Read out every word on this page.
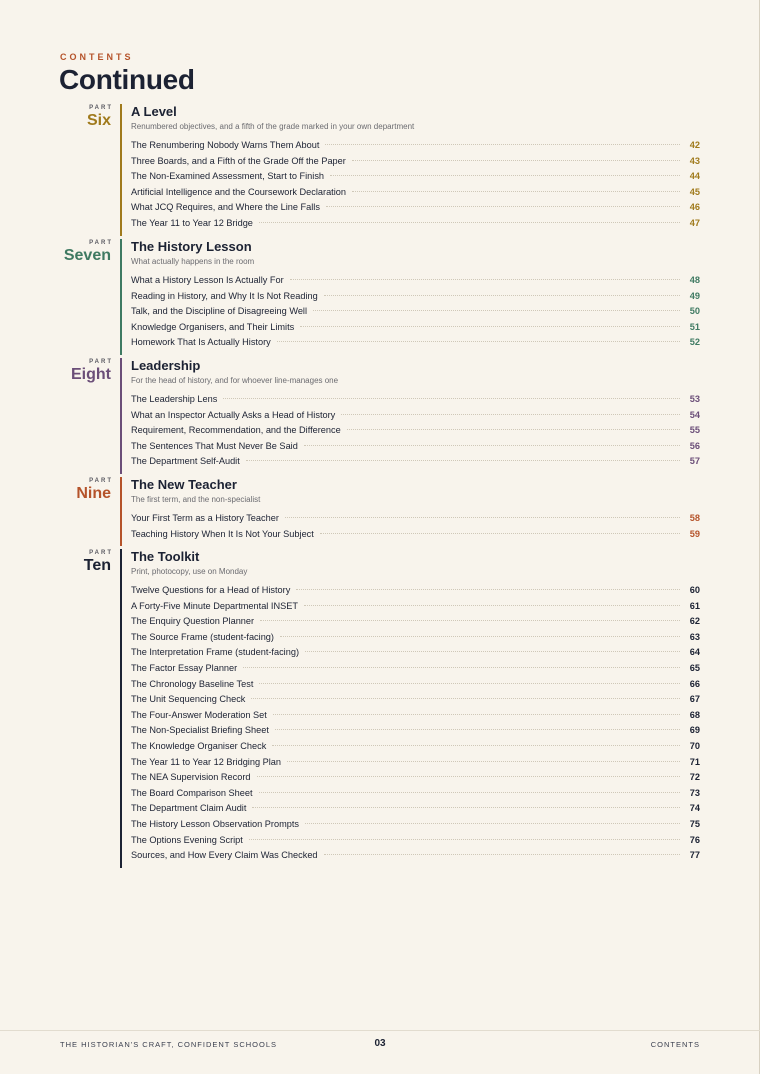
CONTENTS
Continued
PART
Six
A Level
Renumbered objectives, and a fifth of the grade marked in your own department
The Renumbering Nobody Warns Them About	42
Three Boards, and a Fifth of the Grade Off the Paper	43
The Non-Examined Assessment, Start to Finish	44
Artificial Intelligence and the Coursework Declaration	45
What JCQ Requires, and Where the Line Falls	46
The Year 11 to Year 12 Bridge	47
PART
Seven
The History Lesson
What actually happens in the room
What a History Lesson Is Actually For	48
Reading in History, and Why It Is Not Reading	49
Talk, and the Discipline of Disagreeing Well	50
Knowledge Organisers, and Their Limits	51
Homework That Is Actually History	52
PART
Eight
Leadership
For the head of history, and for whoever line-manages one
The Leadership Lens	53
What an Inspector Actually Asks a Head of History	54
Requirement, Recommendation, and the Difference	55
The Sentences That Must Never Be Said	56
The Department Self-Audit	57
PART
Nine
The New Teacher
The first term, and the non-specialist
Your First Term as a History Teacher	58
Teaching History When It Is Not Your Subject	59
PART
Ten
The Toolkit
Print, photocopy, use on Monday
Twelve Questions for a Head of History	60
A Forty-Five Minute Departmental INSET	61
The Enquiry Question Planner	62
The Source Frame (student-facing)	63
The Interpretation Frame (student-facing)	64
The Factor Essay Planner	65
The Chronology Baseline Test	66
The Unit Sequencing Check	67
The Four-Answer Moderation Set	68
The Non-Specialist Briefing Sheet	69
The Knowledge Organiser Check	70
The Year 11 to Year 12 Bridging Plan	71
The NEA Supervision Record	72
The Board Comparison Sheet	73
The Department Claim Audit	74
The History Lesson Observation Prompts	75
The Options Evening Script	76
Sources, and How Every Claim Was Checked	77
THE HISTORIAN'S CRAFT, CONFIDENT SCHOOLS	03	CONTENTS
